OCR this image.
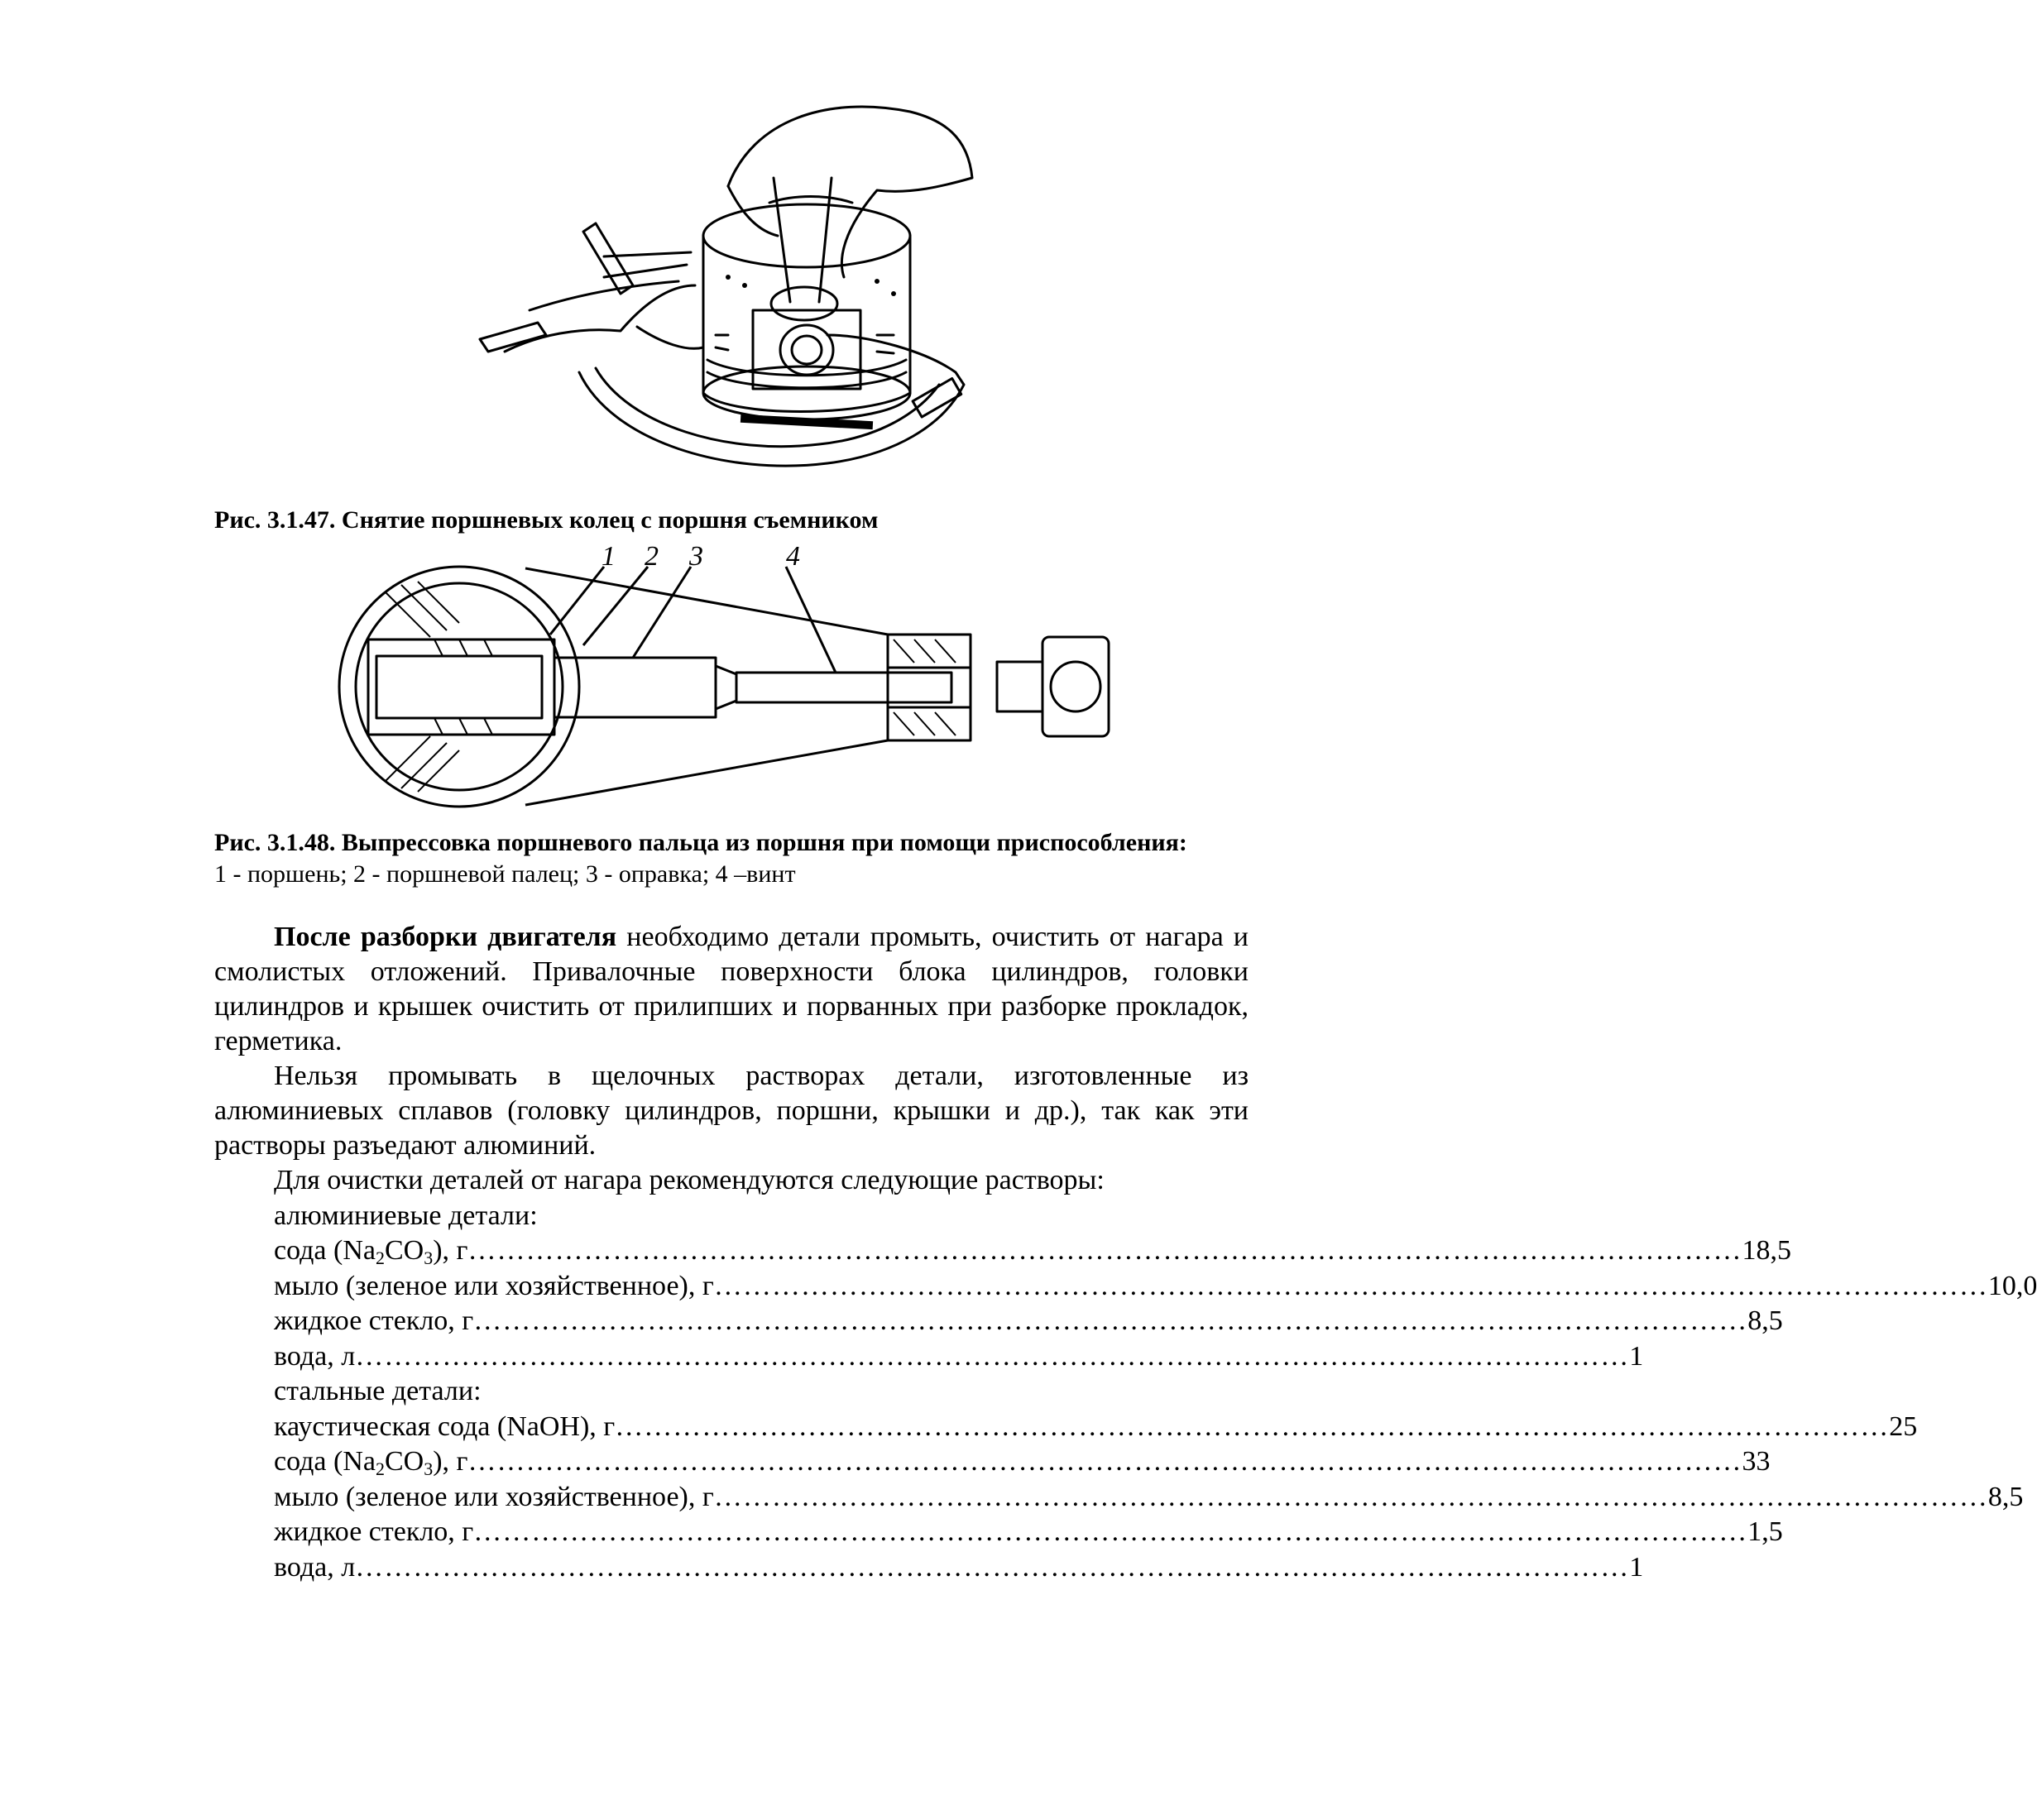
Рис. 3.1.47. Снятие поршневых колец с поршня съемником
1 2 3	4
Рис. 3.1.48. Выпрессовка поршневого пальца из поршня при помощи приспособления:
1 - поршень; 2 - поршневой палец; 3 - оправка; 4 –винт

После разборки двигателя необходимо детали промыть, очистить от нагара и смолистых отложений. Привалочные поверхности блока цилиндров, головки цилиндров и крышек очистить от прилипших и порванных при разборке прокладок, герметика.

Нельзя промывать в щелочных растворах детали, изготовленные из алюминиевых сплавов (головку цилиндров, поршни, крышки и др.), так как эти растворы разъедают алюминий.

Для очистки деталей от нагара рекомендуются следующие растворы:
алюминиевые детали:
сода $(Na_2CO_3)$, г …………………………………………………………………………………………………………………… 18,5
мыло (зеленое или хозяйственное), г …………………………………………………………………………………………………………………… 10,0
жидкое стекло, г …………………………………………………………………………………………………………………… 8,5
вода, л …………………………………………………………………………………………………………………… 1
стальные детали:
каустическая сода (NaOH), г …………………………………………………………………………………………………………………… 25
сода $(Na_2CO_3)$, г …………………………………………………………………………………………………………………… 33
мыло (зеленое или хозяйственное), г …………………………………………………………………………………………………………………… 8,5
жидкое стекло, г …………………………………………………………………………………………………………………… 1,5
вода, л …………………………………………………………………………………………………………………… 1
